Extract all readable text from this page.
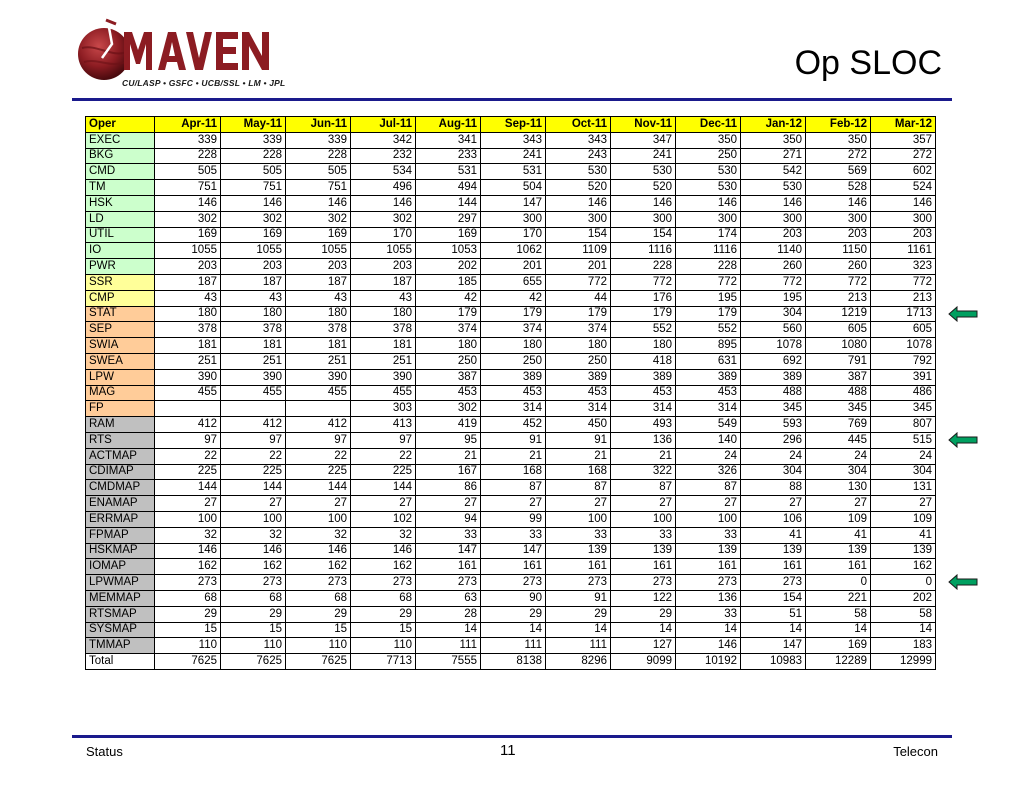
CU/LASP • GSFC • UCB/SSL • LM • JPL
Op SLOC
Oper	Apr-11	May-11	Jun-11	Jul-11	Aug-11	Sep-11	Oct-11	Nov-11	Dec-11	Jan-12	Feb-12	Mar-12
EXEC	339	339	339	342	341	343	343	347	350	350	350	357
BKG	228	228	228	232	233	241	243	241	250	271	272	272
CMD	505	505	505	534	531	531	530	530	530	542	569	602
TM	751	751	751	496	494	504	520	520	530	530	528	524
HSK	146	146	146	146	144	147	146	146	146	146	146	146
LD	302	302	302	302	297	300	300	300	300	300	300	300
UTIL	169	169	169	170	169	170	154	154	174	203	203	203
IO	1055	1055	1055	1055	1053	1062	1109	1116	1116	1140	1150	1161
PWR	203	203	203	203	202	201	201	228	228	260	260	323
SSR	187	187	187	187	185	655	772	772	772	772	772	772
CMP	43	43	43	43	42	42	44	176	195	195	213	213
STAT	180	180	180	180	179	179	179	179	179	304	1219	1713
SEP	378	378	378	378	374	374	374	552	552	560	605	605
SWIA	181	181	181	181	180	180	180	180	895	1078	1080	1078
SWEA	251	251	251	251	250	250	250	418	631	692	791	792
LPW	390	390	390	390	387	389	389	389	389	389	387	391
MAG	455	455	455	455	453	453	453	453	453	488	488	486
FP				303	302	314	314	314	314	345	345	345
RAM	412	412	412	413	419	452	450	493	549	593	769	807
RTS	97	97	97	97	95	91	91	136	140	296	445	515
ACTMAP	22	22	22	22	21	21	21	21	24	24	24	24
CDIMAP	225	225	225	225	167	168	168	322	326	304	304	304
CMDMAP	144	144	144	144	86	87	87	87	87	88	130	131
ENAMAP	27	27	27	27	27	27	27	27	27	27	27	27
ERRMAP	100	100	100	102	94	99	100	100	100	106	109	109
FPMAP	32	32	32	32	33	33	33	33	33	41	41	41
HSKMAP	146	146	146	146	147	147	139	139	139	139	139	139
IOMAP	162	162	162	162	161	161	161	161	161	161	161	162
LPWMAP	273	273	273	273	273	273	273	273	273	273	0	0
MEMMAP	68	68	68	68	63	90	91	122	136	154	221	202
RTSMAP	29	29	29	29	28	29	29	29	33	51	58	58
SYSMAP	15	15	15	15	14	14	14	14	14	14	14	14
TMMAP	110	110	110	110	111	111	111	127	146	147	169	183
Total	7625	7625	7625	7713	7555	8138	8296	9099	10192	10983	12289	12999
Status	11	Telecon
